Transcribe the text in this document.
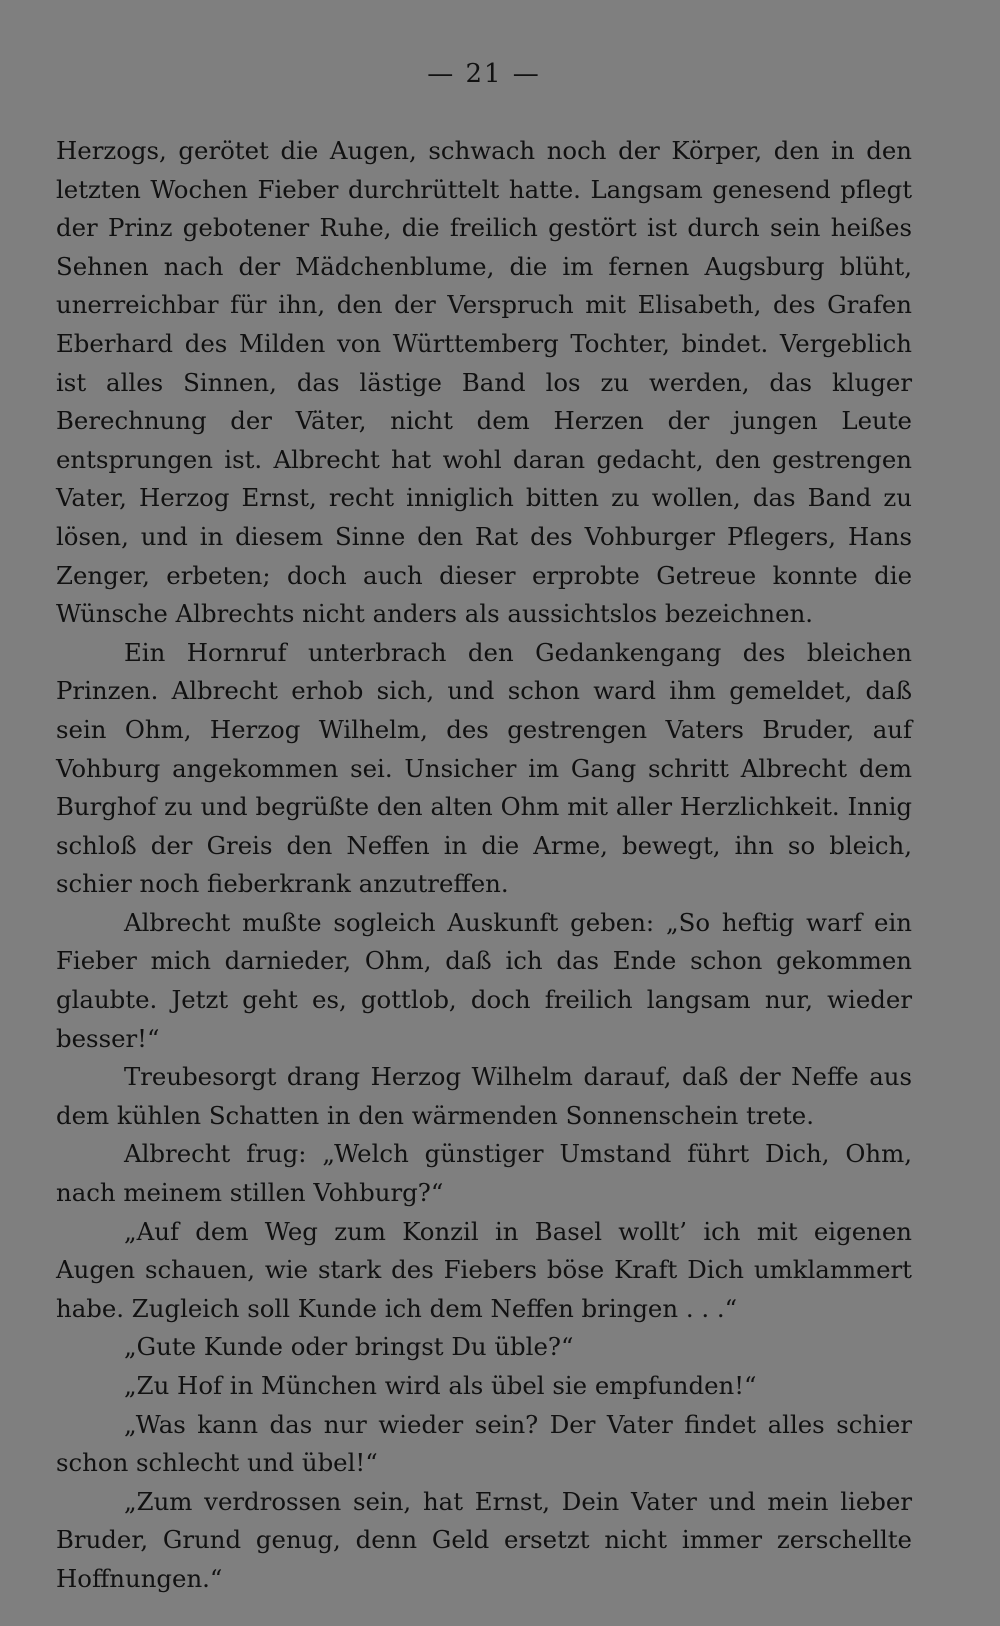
— 21 —

Herzogs, gerötet die Augen, schwach noch der Körper, den in den letzten Wochen Fieber durchrüttelt hatte. Langsam genesend pflegt der Prinz gebotener Ruhe, die freilich gestört ist durch sein heißes Sehnen nach der Mädchenblume, die im fernen Augsburg blüht, unerreichbar für ihn, den der Verspruch mit Elisabeth, des Grafen Eberhard des Milden von Württemberg Tochter, bindet. Vergeblich ist alles Sinnen, das lästige Band los zu werden, das kluger Berechnung der Väter, nicht dem Herzen der jungen Leute entsprungen ist. Albrecht hat wohl daran gedacht, den gestrengen Vater, Herzog Ernst, recht inniglich bitten zu wollen, das Band zu lösen, und in diesem Sinne den Rat des Vohburger Pflegers, Hans Zenger, erbeten; doch auch dieser erprobte Getreue konnte die Wünsche Albrechts nicht anders als aussichtslos bezeichnen.

Ein Hornruf unterbrach den Gedankengang des bleichen Prinzen. Albrecht erhob sich, und schon ward ihm gemeldet, daß sein Ohm, Herzog Wilhelm, des gestrengen Vaters Bruder, auf Vohburg angekommen sei. Unsicher im Gang schritt Albrecht dem Burghof zu und begrüßte den alten Ohm mit aller Herzlichkeit. Innig schloß der Greis den Neffen in die Arme, bewegt, ihn so bleich, schier noch fieberkrank anzutreffen.

Albrecht mußte sogleich Auskunft geben: „So heftig warf ein Fieber mich darnieder, Ohm, daß ich das Ende schon gekommen glaubte. Jetzt geht es, gottlob, doch freilich langsam nur, wieder besser!“

Treubesorgt drang Herzog Wilhelm darauf, daß der Neffe aus dem kühlen Schatten in den wärmenden Sonnenschein trete.

Albrecht frug: „Welch günstiger Umstand führt Dich, Ohm, nach meinem stillen Vohburg?“

„Auf dem Weg zum Konzil in Basel wollt’ ich mit eigenen Augen schauen, wie stark des Fiebers böse Kraft Dich umklammert habe. Zugleich soll Kunde ich dem Neffen bringen . . .“

„Gute Kunde oder bringst Du üble?“

„Zu Hof in München wird als übel sie empfunden!“

„Was kann das nur wieder sein? Der Vater findet alles schier schon schlecht und übel!“

„Zum verdrossen sein, hat Ernst, Dein Vater und mein lieber Bruder, Grund genug, denn Geld ersetzt nicht immer zerschellte Hoffnungen.“
